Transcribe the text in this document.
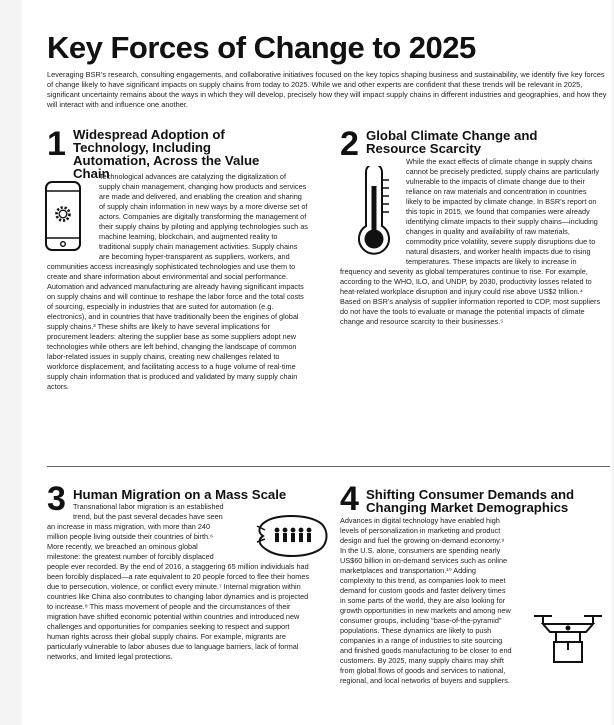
Key Forces of Change to 2025

Leveraging BSR’s research, consulting engagements, and collaborative initiatives focused on the key topics shaping business and sustainability, we identify five key forces of change likely to have significant impacts on supply chains from today to 2025. While we and other experts are confident that these trends will be relevant in 2025, significant uncertainty remains about the ways in which they will develop, precisely how they will impact supply chains in different industries and geographies, and how they will interact with and influence one another.

1 Widespread Adoption of Technology, Including Automation, Across the Value Chain
Technological advances are catalyzing the digitalization of supply chain management, changing how products and services are made and delivered, and enabling the creation and sharing of supply chain information in new ways by a more diverse set of actors. Companies are digitally transforming the management of their supply chains by piloting and applying technologies such as machine learning, blockchain, and augmented reality to traditional supply chain management activities. Supply chains are becoming hyper-transparent as suppliers, workers, and communities access increasingly sophisticated technologies and use them to create and share information about environmental and social performance. Automation and advanced manufacturing are already having significant impacts on supply chains and will continue to reshape the labor force and the total costs of sourcing, especially in industries that are suited for automation (e.g. electronics), and in countries that have traditionally been the engines of global supply chains.³ These shifts are likely to have several implications for procurement leaders: altering the supplier base as some suppliers adopt new technologies while others are left behind, changing the landscape of common labor-related issues in supply chains, creating new challenges related to workforce displacement, and facilitating access to a huge volume of real-time supply chain information that is produced and validated by many supply chain actors.
2 Global Climate Change and Resource Scarcity
While the exact effects of climate change in supply chains cannot be precisely predicted, supply chains are particularly vulnerable to the impacts of climate change due to their reliance on raw materials and concentration in countries likely to be impacted by climate change. In BSR’s report on this topic in 2015, we found that companies were already identifying climate impacts to their supply chains—including changes in quality and availability of raw materials, commodity price volatility, severe supply disruptions due to natural disasters, and worker health impacts due to rising temperatures. These impacts are likely to increase in frequency and severity as global temperatures continue to rise. For example, according to the WHO, ILO, and UNDP, by 2030, productivity losses related to heat-related workplace disruption and injury could rise above US$2 trillion.⁴ Based on BSR’s analysis of supplier information reported to CDP, most suppliers do not have the tools to evaluate or manage the potential impacts of climate change and resource scarcity to their businesses.⁵
3 Human Migration on a Mass Scale
Transnational labor migration is an established trend, but the past several decades have seen an increase in mass migration, with more than 240 million people living outside their countries of birth.⁶ More recently, we breached an ominous global milestone: the greatest number of forcibly displaced people ever recorded. By the end of 2016, a staggering 65 million individuals had been forcibly displaced—a rate equivalent to 20 people forced to flee their homes due to persecution, violence, or conflict every minute.⁷ Internal migration within countries like China also contributes to changing labor dynamics and is projected to increase.⁸ This mass movement of people and the circumstances of their migration have shifted economic potential within countries and introduced new challenges and opportunities for companies seeking to respect and support human rights across their global supply chains. For example, migrants are particularly vulnerable to labor abuses due to language barriers, lack of formal networks, and limited legal protections.
4 Shifting Consumer Demands and Changing Market Demographics
Advances in digital technology have enabled high levels of personalization in marketing and product design and fuel the growing on-demand economy.⁹ In the U.S. alone, consumers are spending nearly US$60 billion in on-demand services such as online marketplaces and transportation.¹⁰ Adding complexity to this trend, as companies look to meet demand for custom goods and faster delivery times in some parts of the world, they are also looking for growth opportunities in new markets and among new consumer groups, including “base-of-the-pyramid” populations. These dynamics are likely to push companies in a range of industries to site sourcing and finished goods manufacturing to be closer to end customers. By 2025, many supply chains may shift from global flows of goods and services to national, regional, and local networks of buyers and suppliers.
